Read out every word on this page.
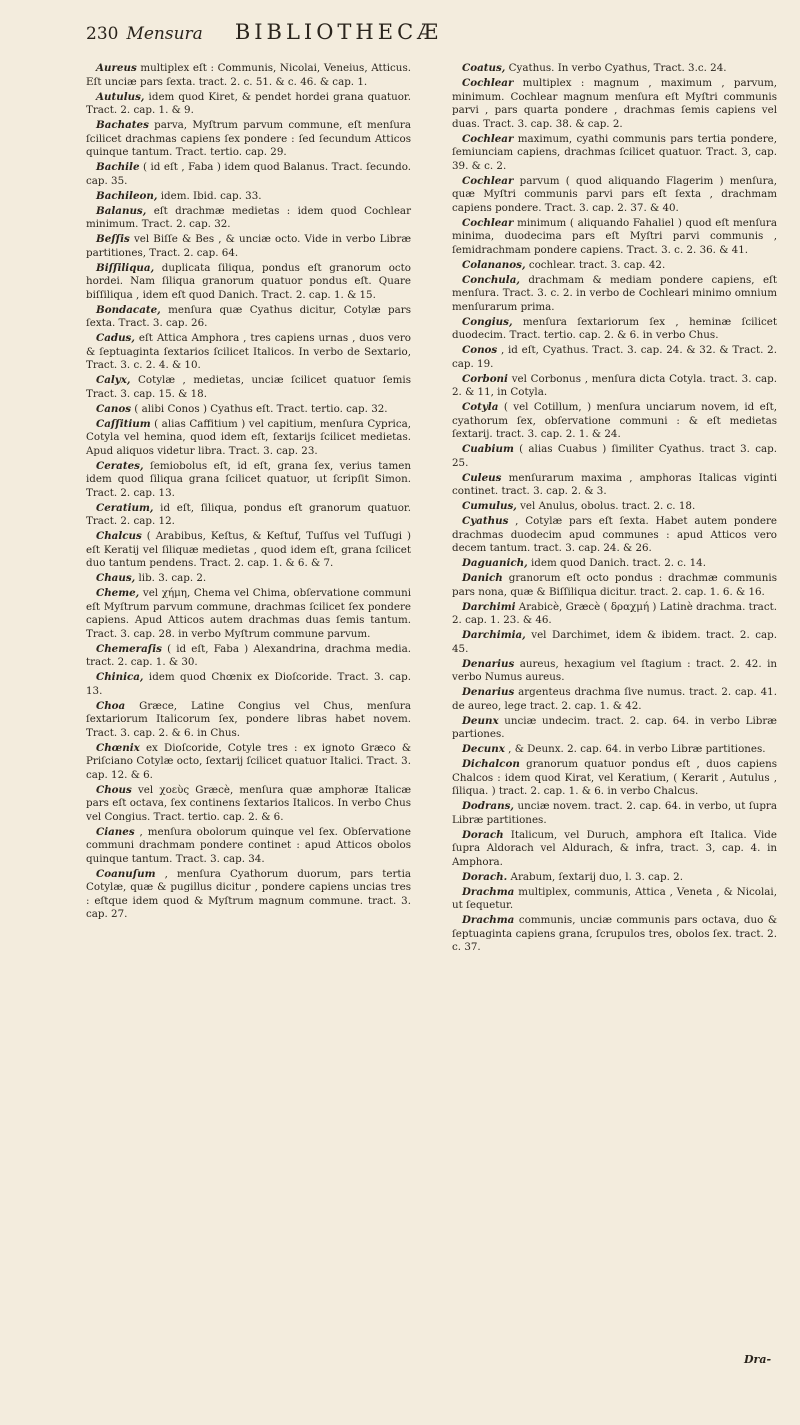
230 Mensura BIBLIOTHECÆ

Aureus multiplex eſt : Communis, Nicolai, Veneius, Atticus. Eſt unciæ pars ſexta. tract. 2. c. 51. & c. 46. & cap. 1.

Autulus, idem quod Kiret, & pendet hordei grana quatuor. Tract. 2. cap. 1. & 9.

Bachates parva, Myſtrum parvum commune, eſt menſura ſcilicet drachmas capiens ſex pondere : ſed ſecundum Atticos quinque tantum. Tract. tertio. cap. 29.

Bachile ( id eſt , Faba ) idem quod Balanus. Tract. ſecundo. cap. 35.

Bachileon, idem. Ibid. cap. 33.

Balanus, eſt drachmæ medietas : idem quod Cochlear minimum. Tract. 2. cap. 32.

Beſſis vel Biſſe & Bes , & unciæ octo. Vide in verbo Libræ partitiones, Tract. 2. cap. 64.

Biſſiliqua, duplicata ſiliqua, pondus eſt granorum octo hordei. Nam ſiliqua granorum quatuor pondus eſt. Quare biſſiliqua , idem eſt quod Danich. Tract. 2. cap. 1. & 15.

Bondacate, menſura quæ Cyathus dicitur, Cotylæ pars ſexta. Tract. 3. cap. 26.

Cadus, eſt Attica Amphora , tres capiens urnas , duos vero & ſeptuaginta ſextarios ſcilicet Italicos. In verbo de Sextario, Tract. 3. c. 2. 4. & 10.

Calyx, Cotylæ , medietas, unciæ ſcilicet quatuor ſemis Tract. 3. cap. 15. & 18.

Canos ( alibi Conos ) Cyathus eſt. Tract. tertio. cap. 32.

Caſſitium ( alias Caffitium ) vel capitium, menſura Cyprica, Cotyla vel hemina, quod idem eſt, ſextarijs ſcilicet medietas. Apud aliquos videtur libra. Tract. 3. cap. 23.

Cerates, ſemiobolus eſt, id eſt, grana ſex, verius tamen idem quod ſiliqua grana ſcilicet quatuor, ut ſcripſit Simon. Tract. 2. cap. 13.

Ceratium, id eſt, ſiliqua, pondus eſt granorum quatuor. Tract. 2. cap. 12.

Chalcus ( Arabibus, Keſtus, & Keſtuf, Tuſſus vel Tuſſugi ) eſt Keratij vel ſiliquæ medietas , quod idem eſt, grana ſcilicet duo tantum pendens. Tract. 2. cap. 1. & 6. & 7.

Chaus, lib. 3. cap. 2.

Cheme, vel χήμη, Chema vel Chima, obſervatione communi eſt Myſtrum parvum commune, drachmas ſcilicet ſex pondere capiens. Apud Atticos autem drachmas duas ſemis tantum. Tract. 3. cap. 28. in verbo Myſtrum commune parvum.

Chemeraſis ( id eſt, Faba ) Alexandrina, drachma media. tract. 2. cap. 1. & 30.

Chinica, idem quod Chœnix ex Dioſcoride. Tract. 3. cap. 13.

Choa Græce, Latine Congius vel Chus, menſura ſextariorum Italicorum ſex, pondere libras habet novem. Tract. 3. cap. 2. & 6. in Chus.

Chœnix ex Dioſcoride, Cotyle tres : ex ignoto Græco & Priſciano Cotylæ octo, ſextarij ſcilicet quatuor Italici. Tract. 3. cap. 12. & 6.

Chous vel χοεὺς Græcè, menſura quæ amphoræ Italicæ pars eſt octava, ſex continens ſextarios Italicos. In verbo Chus vel Congius. Tract. tertio. cap. 2. & 6.

Cianes , menſura obolorum quinque vel ſex. Obſervatione communi drachmam pondere continet : apud Atticos obolos quinque tantum. Tract. 3. cap. 34.

Coanuſum , menſura Cyathorum duorum, pars tertia Cotylæ, quæ & pugillus dicitur , pondere capiens uncias tres : eſtque idem quod & Myſtrum magnum commune. tract. 3. cap. 27.

Coatus, Cyathus. In verbo Cyathus, Tract. 3.c. 24.

Cochlear multiplex : magnum , maximum , parvum, minimum. Cochlear magnum menſura eſt Myſtri communis parvi , pars quarta pondere , drachmas ſemis capiens vel duas. Tract. 3. cap. 38. & cap. 2.

Cochlear maximum, cyathi communis pars tertia pondere, ſemiunciam capiens, drachmas ſcilicet quatuor. Tract. 3, cap. 39. & c. 2.

Cochlear parvum ( quod aliquando Flagerim ) menſura, quæ Myſtri communis parvi pars eſt ſexta , drachmam capiens pondere. Tract. 3. cap. 2. 37. & 40.

Cochlear minimum ( aliquando Fahaliel ) quod eſt menſura minima, duodecima pars eſt Myſtri parvi communis , ſemidrachmam pondere capiens. Tract. 3. c. 2. 36. & 41.

Colananos, cochlear. tract. 3. cap. 42.

Conchula, drachmam & mediam pondere capiens, eſt menſura. Tract. 3. c. 2. in verbo de Cochleari minimo omnium menſurarum prima.

Congius, menſura ſextariorum ſex , heminæ ſcilicet duodecim. Tract. tertio. cap. 2. & 6. in verbo Chus.

Conos , id eſt, Cyathus. Tract. 3. cap. 24. & 32. & Tract. 2. cap. 19.

Corboni vel Corbonus , menſura dicta Cotyla. tract. 3. cap. 2. & 11, in Cotyla.

Cotyla ( vel Cotillum, ) menſura unciarum novem, id eſt, cyathorum ſex, obſervatione communi : & eſt medietas ſextarij. tract. 3. cap. 2. 1. & 24.

Cuabium ( alias Cuabus ) ſimiliter Cyathus. tract 3. cap. 25.

Culeus menſurarum maxima , amphoras Italicas viginti continet. tract. 3. cap. 2. & 3.

Cumulus, vel Anulus, obolus. tract. 2. c. 18.

Cyathus , Cotylæ pars eſt ſexta. Habet autem pondere drachmas duodecim apud communes : apud Atticos vero decem tantum. tract. 3. cap. 24. & 26.

Daguanich, idem quod Danich. tract. 2. c. 14.

Danich granorum eſt octo pondus : drachmæ communis pars nona, quæ & Biſſiliqua dicitur. tract. 2. cap. 1. 6. & 16.

Darchimi Arabicè, Græcè ( δραχμή ) Latinè drachma. tract. 2. cap. 1. 23. & 46.

Darchimia, vel Darchimet, idem & ibidem. tract. 2. cap. 45.

Denarius aureus, hexagium vel ſtagium : tract. 2. 42. in verbo Numus aureus.

Denarius argenteus drachma ſive numus. tract. 2. cap. 41. de aureo, lege tract. 2. cap. 1. & 42.

Deunx unciæ undecim. tract. 2. cap. 64. in verbo Libræ partiones.

Decunx , & Deunx. 2. cap. 64. in verbo Libræ partitiones.

Dichalcon granorum quatuor pondus eſt , duos capiens Chalcos : idem quod Kirat, vel Keratium, ( Kerarit , Autulus , ſiliqua. ) tract. 2. cap. 1. & 6. in verbo Chalcus.

Dodrans, unciæ novem. tract. 2. cap. 64. in verbo, ut ſupra Libræ partitiones.

Dorach Italicum, vel Duruch, amphora eſt Italica. Vide ſupra Aldorach vel Aldurach, & infra, tract. 3, cap. 4. in Amphora.

Dorach. Arabum, ſextarij duo, l. 3. cap. 2.

Drachma multiplex, communis, Attica , Veneta , & Nicolai, ut ſequetur.

Drachma communis, unciæ communis pars octava, duo & ſeptuaginta capiens grana, ſcrupulos tres, obolos ſex. tract. 2. c. 37.

Dra-
